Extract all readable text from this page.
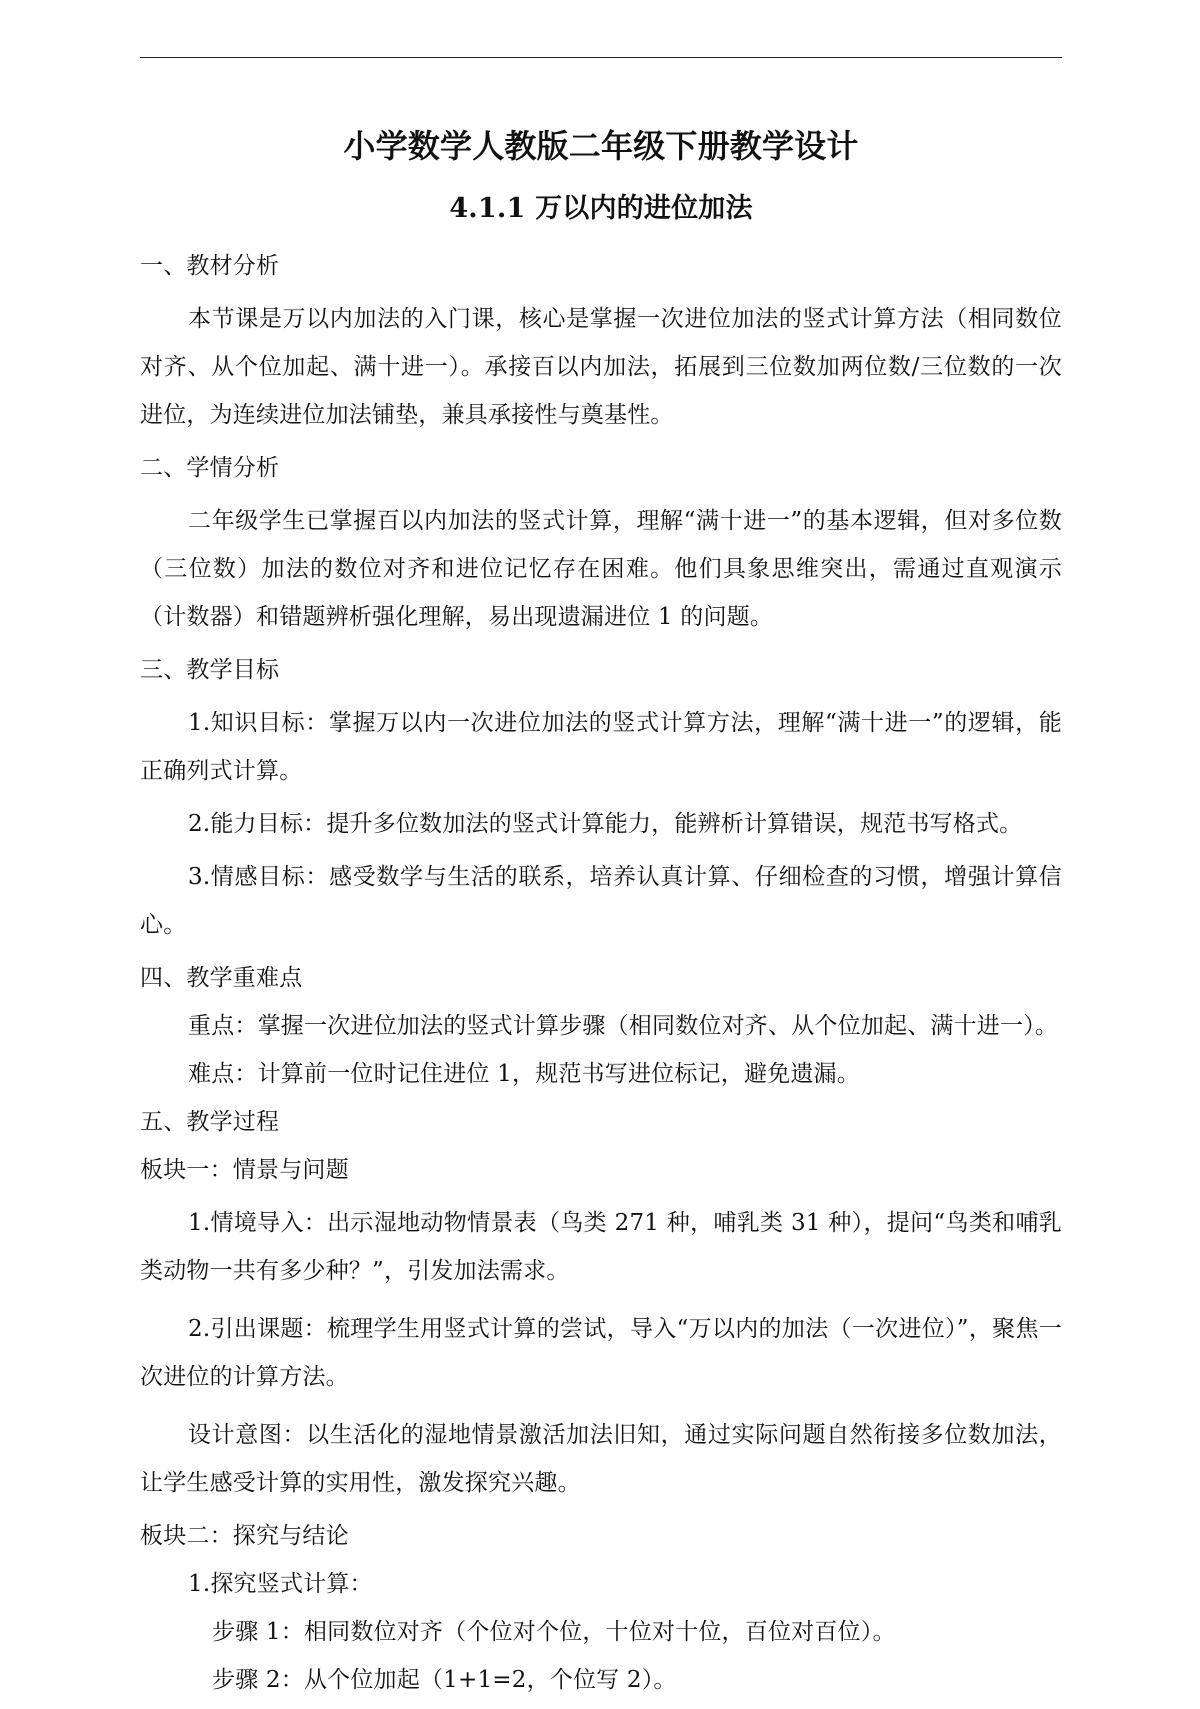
小学数学人教版二年级下册教学设计
4.1.1 万以内的进位加法

一、教材分析

本节课是万以内加法的入门课，核心是掌握一次进位加法的竖式计算方法（相同数位对齐、从个位加起、满十进一）。承接百以内加法，拓展到三位数加两位数/三位数的一次进位，为连续进位加法铺垫，兼具承接性与奠基性。

二、学情分析

二年级学生已掌握百以内加法的竖式计算，理解“满十进一”的基本逻辑，但对多位数（三位数）加法的数位对齐和进位记忆存在困难。他们具象思维突出，需通过直观演示（计数器）和错题辨析强化理解，易出现遗漏进位 1 的问题。

三、教学目标

1.知识目标：掌握万以内一次进位加法的竖式计算方法，理解“满十进一”的逻辑，能正确列式计算。

2.能力目标：提升多位数加法的竖式计算能力，能辨析计算错误，规范书写格式。

3.情感目标：感受数学与生活的联系，培养认真计算、仔细检查的习惯，增强计算信心。

四、教学重难点

重点：掌握一次进位加法的竖式计算步骤（相同数位对齐、从个位加起、满十进一）。

难点：计算前一位时记住进位 1，规范书写进位标记，避免遗漏。

五、教学过程

板块一：情景与问题

1.情境导入：出示湿地动物情景表（鸟类 271 种，哺乳类 31 种），提问“鸟类和哺乳类动物一共有多少种？”，引发加法需求。

2.引出课题：梳理学生用竖式计算的尝试，导入“万以内的加法（一次进位）”，聚焦一次进位的计算方法。

设计意图：以生活化的湿地情景激活加法旧知，通过实际问题自然衔接多位数加法，让学生感受计算的实用性，激发探究兴趣。

板块二：探究与结论

1.探究竖式计算：

步骤 1：相同数位对齐（个位对个位，十位对十位，百位对百位）。

步骤 2：从个位加起（1+1=2，个位写 2）。
